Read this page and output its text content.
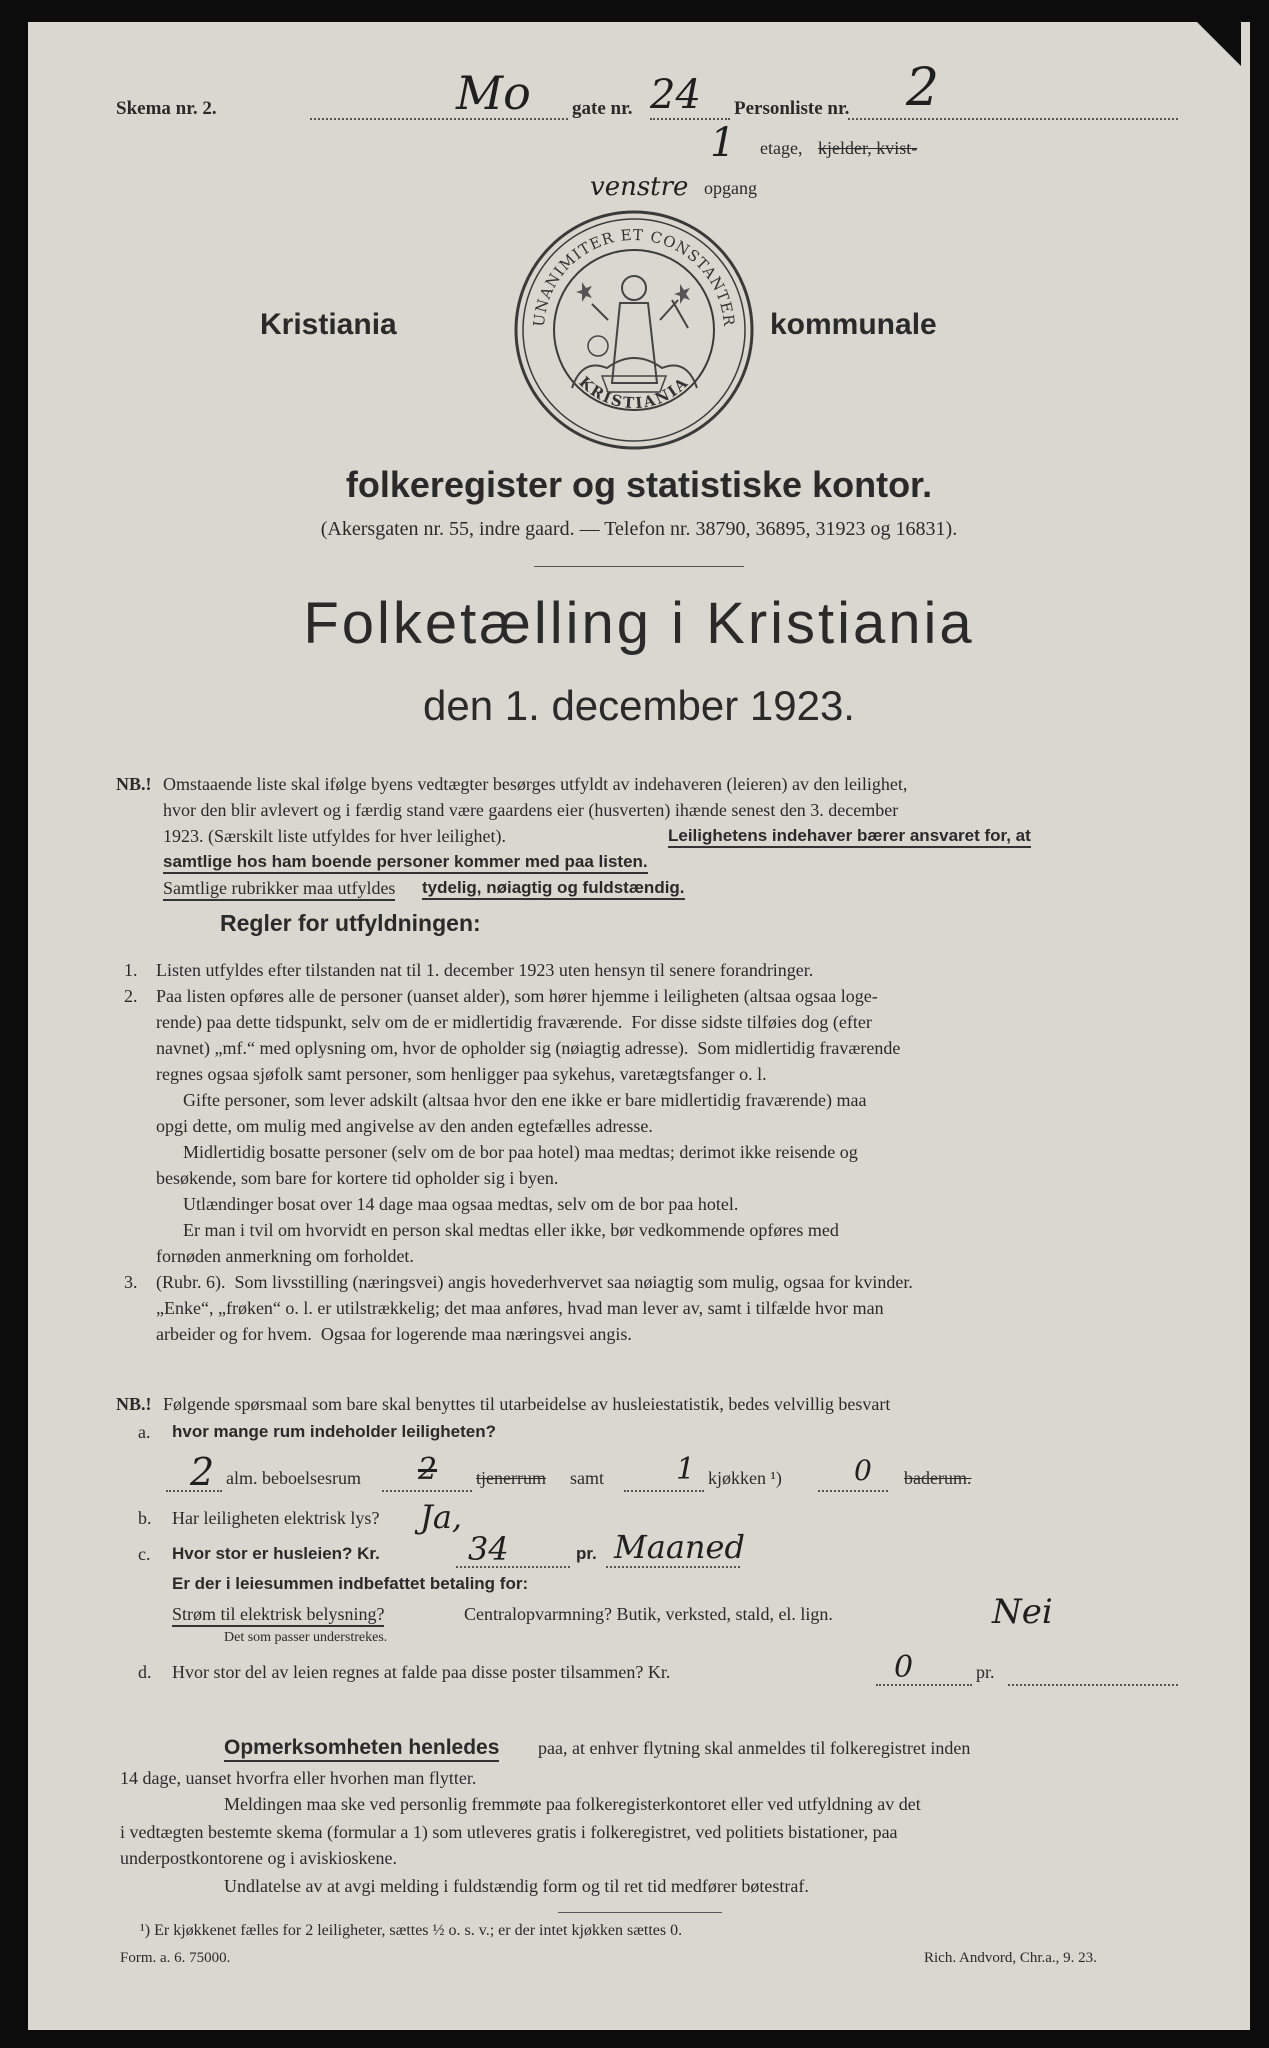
Skema nr. 2.	Mo gate nr. 24 Personliste nr. 2
1 etage, kjelder, kvist-
venstre opgang
Kristiania	kommunale
UNANIMITER ET CONSTANTER
KRISTIANIA
folkeregister og statistiske kontor.
(Akersgaten nr. 55, indre gaard. — Telefon nr. 38790, 36895, 31923 og 16831).
Folketælling i Kristiania
den 1. december 1923.
NB.! Omstaaende liste skal ifølge byens vedtægter besørges utfyldt av indehaveren (leieren) av den leilighet,
hvor den blir avlevert og i færdig stand være gaardens eier (husverten) ihænde senest den 3. december
1923. (Særskilt liste utfyldes for hver leilighet).	Leilighetens indehaver bærer ansvaret for, at
samtlige hos ham boende personer kommer med paa listen.
Samtlige rubrikker maa utfyldes tydelig, nøiagtig og fuldstændig.
Regler for utfyldningen:
NB.! Følgende spørsmaal som bare skal benyttes til utarbeidelse av husleiestatistik, bedes velvillig besvart
a. hvor mange rum indeholder leiligheten?
2 alm. beboelsesrum 2 tjenerrum samt 1 kjøkken ¹)	0 baderum.
b. Har leiligheten elektrisk lys? Ja,
c. Hvor stor er husleien? Kr.	34	pr. Maaned
Er der i leiesummen indbefattet betaling for:
Strøm til elektrisk belysning?	Centralopvarmning? Butik, verksted, stald, el. lign.	Nei
Det som passer understrekes.
d. Hvor stor del av leien regnes at falde paa disse poster tilsammen? Kr.	0	pr.
Opmerksomheten henledes paa, at enhver flytning skal anmeldes til folkeregistret inden
14 dage, uanset hvorfra eller hvorhen man flytter.
Meldingen maa ske ved personlig fremmøte paa folkeregisterkontoret eller ved utfyldning av det
i vedtægten bestemte skema (formular a 1) som utleveres gratis i folkeregistret, ved politiets bistationer, paa
underpostkontorene og i aviskioskene.
Undlatelse av at avgi melding i fuldstændig form og til ret tid medfører bøtestraf.
¹) Er kjøkkenet fælles for 2 leiligheter, sættes ½ o. s. v.; er der intet kjøkken sættes 0.
Form. a. 6. 75000.	Rich. Andvord, Chr.a., 9. 23.
1. Listen utfyldes efter tilstanden nat til 1. december 1923 uten hensyn til senere forandringer.
2. Paa listen opføres alle de personer (uanset alder), som hører hjemme i leiligheten (altsaa ogsaa loge-
rende) paa dette tidspunkt, selv om de er midlertidig fraværende.  For disse sidste tilføies dog (efter
navnet) „mf.“ med oplysning om, hvor de opholder sig (nøiagtig adresse).  Som midlertidig fraværende
regnes ogsaa sjøfolk samt personer, som henligger paa sykehus, varetægtsfanger o. l.
Gifte personer, som lever adskilt (altsaa hvor den ene ikke er bare midlertidig fraværende) maa
opgi dette, om mulig med angivelse av den anden egtefælles adresse.
Midlertidig bosatte personer (selv om de bor paa hotel) maa medtas; derimot ikke reisende og
besøkende, som bare for kortere tid opholder sig i byen.
Utlændinger bosat over 14 dage maa ogsaa medtas, selv om de bor paa hotel.
Er man i tvil om hvorvidt en person skal medtas eller ikke, bør vedkommende opføres med
fornøden anmerkning om forholdet.
3. (Rubr. 6).  Som livsstilling (næringsvei) angis hovederhvervet saa nøiagtig som mulig, ogsaa for kvinder.
„Enke“, „frøken“ o. l. er utilstrækkelig; det maa anføres, hvad man lever av, samt i tilfælde hvor man
arbeider og for hvem.  Ogsaa for logerende maa næringsvei angis.
